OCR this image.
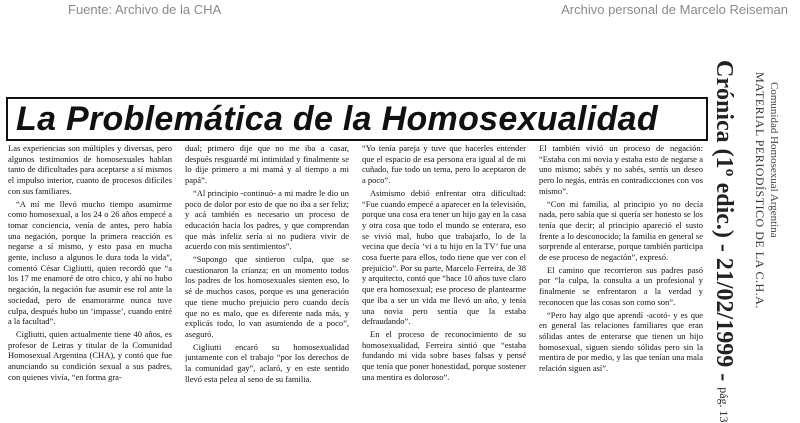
Fuente: Archivo de la CHA	Archivo personal de Marcelo Reiseman
La Problemática de la Homosexualidad

Las experiencias son múltiples y diversas, pero algunos testimonios de homosexuales hablan tanto de dificultades para aceptarse a sí mismos el impulso interior, cuanto de procesos difíciles con sus familiares.

“A mí me llevó mucho tiempo asumirme como homosexual, a los 24 o 26 años empecé a tomar conciencia, venía de antes, pero había una negación, porque la primera reacción es negarse a sí mismo, y esto pasa en mucha gente, incluso a algunos le dura toda la vida”, comentó César Cigliutti, quien recordó que “a los 17 me enamoré de otro chico, y ahí no hubo negación, la negación fue asumir ese rol ante la sociedad, pero de enamorarme nunca tuve culpa, después hubo un ‘impasse’, cuando entré a la facultad”.

Cigliutti, quien actualmente tiene 40 años, es profesor de Letras y titular de la Comunidad Homosexual Argentina (CHA), y contó que fue anunciando su condición sexual a sus padres, con quienes vivía, “en forma gra-

dual; primero dije que no me iba a casar, después resguardé mi intimidad y finalmente se lo dije primero a mi mamá y al tiempo a mi papá”.

“Al principio -continuó- a mi madre le dio un poco de dolor por esto de que no iba a ser feliz; y acá también es necesario un proceso de educación hacia los padres, y que comprendan que más infeliz sería si no pudiera vivir de acuerdo con mis sentimientos”.

“Supongo que sintieron culpa, que se cuestionaron la crianza; en un momento todos los padres de los homosexuales sienten eso, lo sé de muchos casos, porque es una generación que tiene mucho prejuicio pero cuando decís que no es malo, que es diferente nada más, y explicás todo, lo van asumiendo de a poco”, aseguró.

Cigliutti encaró su homosexualidad juntamente con el trabajo “por los derechos de la comunidad gay”, aclaró, y en este sentido llevó esta pelea al seno de su familia.

“Yo tenía pareja y tuve que hacerles entender que el espacio de esa persona era igual al de mi cuñado, fue todo un tema, pero lo aceptaron de a poco”.

Asimismo debió enfrentar otra dificultad: “Fue cuando empecé a aparecer en la televisión, porque una cosa era tener un hijo gay en la casa y otra cosa que todo el mundo se enterara, eso se vivió mal, hubo que trabajarlo, lo de la vecina que decía ‘vi a tu hijo en la TV’ fue una cosa fuerte para ellos, todo tiene que ver con el prejuicio”. Por su parte, Marcelo Ferreira, de 38 y arquitecto, contó que “hace 10 años tuve claro que era homosexual; ese proceso de plantearme que iba a ser un vida me llevó un año, y tenía una novia pero sentía que la estaba defraudando”.

En el proceso de reconocimiento de su homosexualidad, Ferreira sintió que “estaba fundando mi vida sobre bases falsas y pensé que tenía que poner honestidad, porque sostener una mentira es doloroso”.

El también vivió un proceso de negación: “Estaba con mi novia y estaba esto de negarse a uno mismo; sabés y no sabés, sentís un deseo pero lo negás, entrás en contradicciones con vos mismo”.

“Con mi familia, al principio yo no decía nada, pero sabía que si quería ser honesto se los tenía que decir; al principio apareció el susto frente a lo desconocido; la familia en general se sorprende al enterarse, porque también participa de ese proceso de negación”, expresó.

El camino que recorrieron sus padres pasó por “la culpa, la consulta a un profesional y finalmente se enfrentaron a la verdad y reconocen que las cosas son como son”.

“Pero hay algo que aprendí -acotó- y es que en general las relaciones familiares que eran sólidas antes de enterarse que tienen un hijo homosexual, siguen siendo sólidas pero sin la mentira de por medio, y las que tenían una mala relación siguen así”.	Crónica (1º edic.) - 21/02/1999 - pág. 13
MATERIAL PERIODÍSTICO DE LA C.H.A. Comunidad Homosexual Argentina
